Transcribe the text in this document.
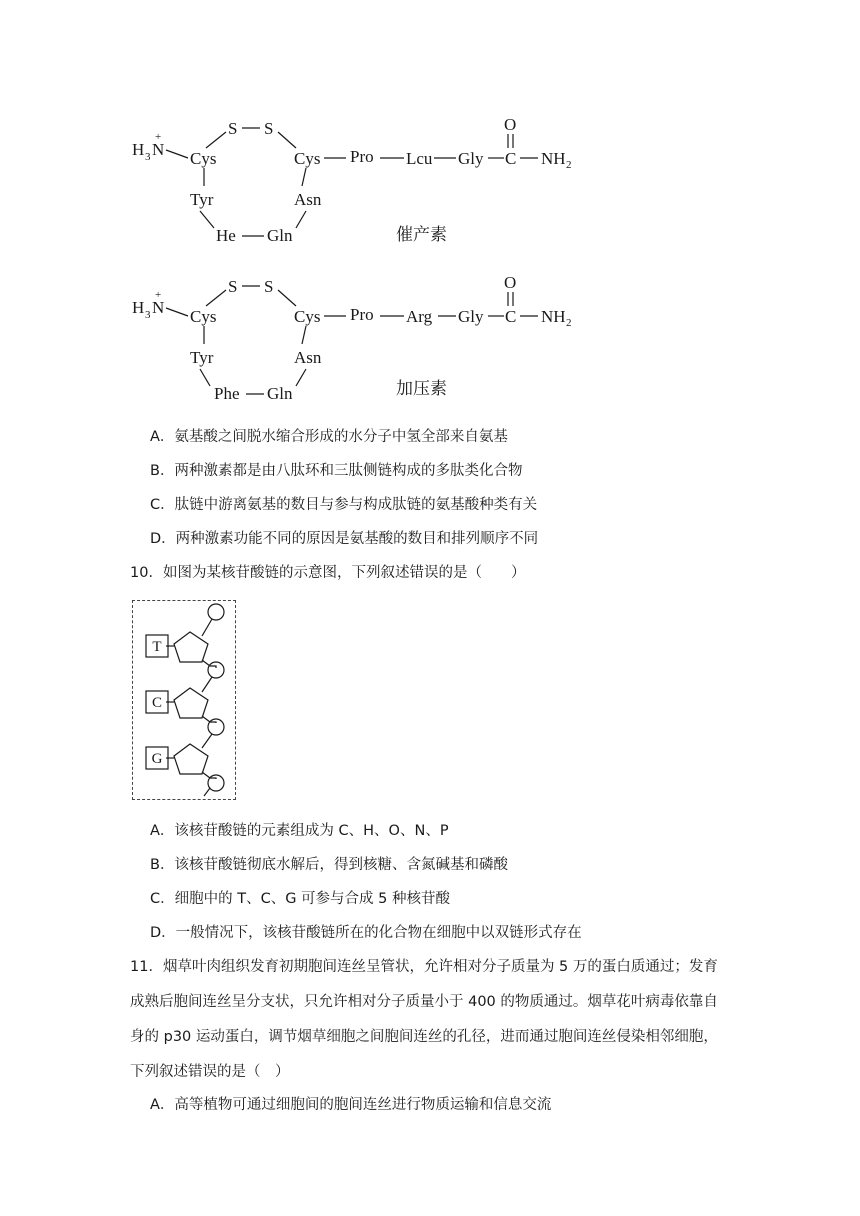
H 3 N
+
Cys
S S
Cys
Tyr	Asn
He Gln
Pro Lcu Gly
O
C NH 2
催产素
H 3 N
+
Cys
S S
Cys
Tyr	Asn
Phe Gln
Pro Arg Gly
O
C NH 2
加压素
A．氨基酸之间脱水缩合形成的水分子中氢全部来自氨基
B．两种激素都是由八肽环和三肽侧链构成的多肽类化合物
C．肽链中游离氨基的数目与参与构成肽链的氨基酸种类有关
D．两种激素功能不同的原因是氨基酸的数目和排列顺序不同
10．如图为某核苷酸链的示意图，下列叙述错误的是（　　）
T
C
G
A．该核苷酸链的元素组成为 C、H、O、N、P
B．该核苷酸链彻底水解后，得到核糖、含氮碱基和磷酸
C．细胞中的 T、C、G 可参与合成 5 种核苷酸
D．一般情况下，该核苷酸链所在的化合物在细胞中以双链形式存在
11．烟草叶肉组织发育初期胞间连丝呈管状，允许相对分子质量为 5 万的蛋白质通过；发育成熟后胞间连丝呈分支状，只允许相对分子质量小于 400 的物质通过。烟草花叶病毒依靠自身的 p30 运动蛋白，调节烟草细胞之间胞间连丝的孔径，进而通过胞间连丝侵染相邻细胞，下列叙述错误的是（　）
A．高等植物可通过细胞间的胞间连丝进行物质运输和信息交流
